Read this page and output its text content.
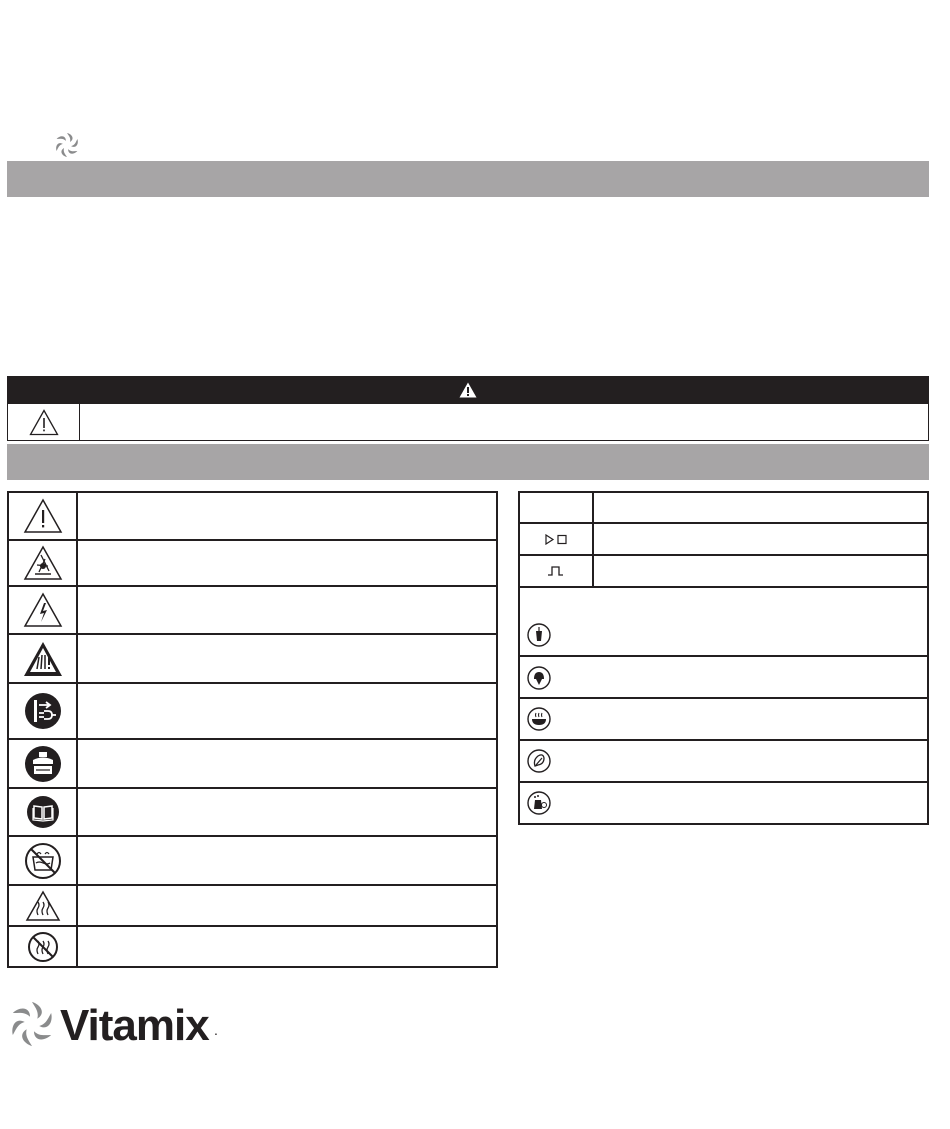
Vitamix .
